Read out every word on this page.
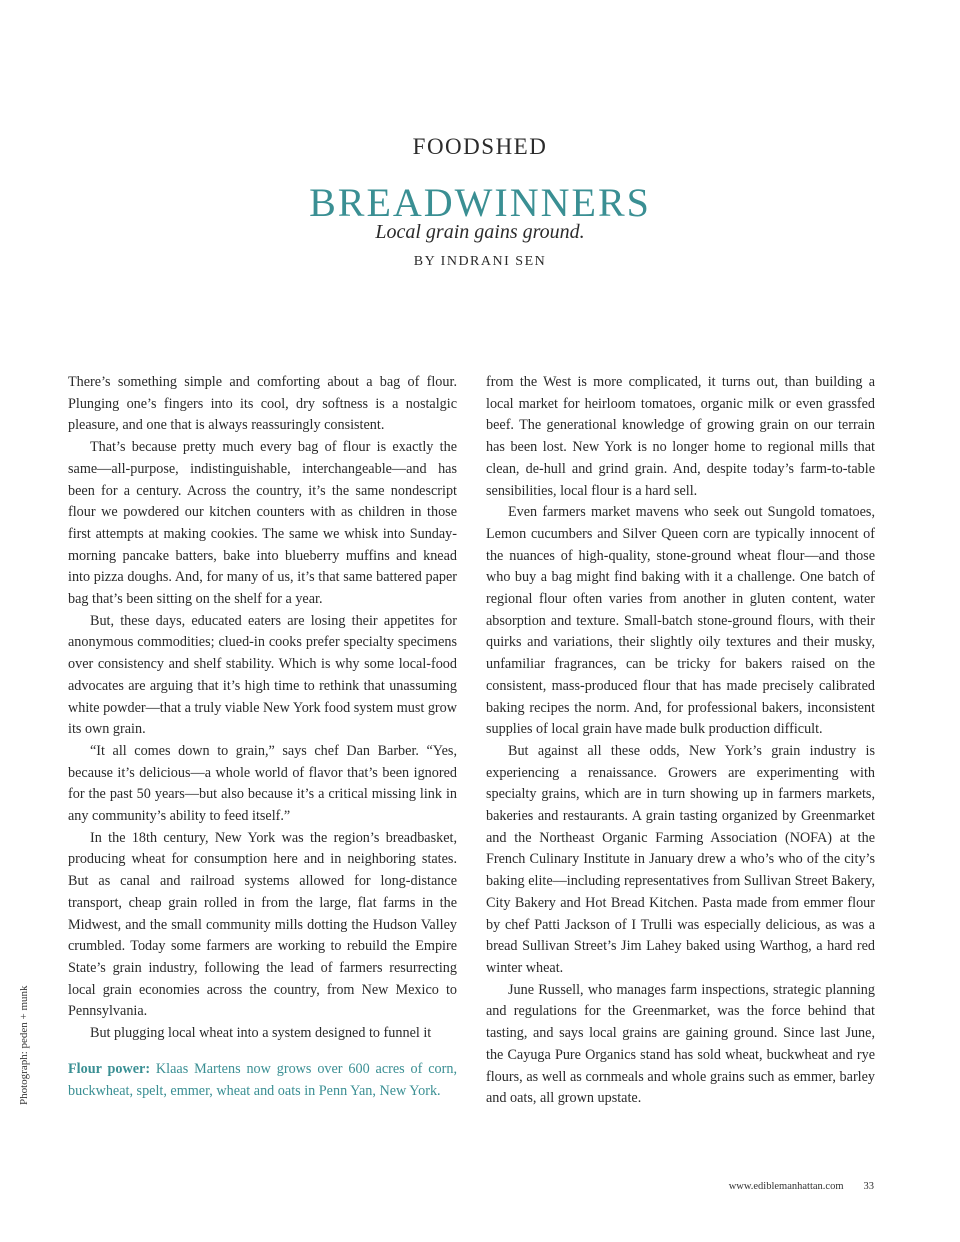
FOODSHED
BREADWINNERS
Local grain gains ground.
BY INDRANI SEN

There’s something simple and comforting about a bag of flour. Plunging one’s fingers into its cool, dry softness is a nostalgic pleasure, and one that is always reassuringly consistent.

That’s because pretty much every bag of flour is exactly the same—all-purpose, indistinguishable, interchangeable—and has been for a century. Across the country, it’s the same nondescript flour we powdered our kitchen counters with as children in those first attempts at making cookies. The same we whisk into Sunday-morning pancake batters, bake into blueberry muffins and knead into pizza doughs. And, for many of us, it’s that same battered paper bag that’s been sitting on the shelf for a year.

But, these days, educated eaters are losing their appetites for anonymous commodities; clued-in cooks prefer specialty specimens over consistency and shelf stability. Which is why some local-food advocates are arguing that it’s high time to rethink that unassuming white powder—that a truly viable New York food system must grow its own grain.

“It all comes down to grain,” says chef Dan Barber. “Yes, because it’s delicious—a whole world of flavor that’s been ignored for the past 50 years—but also because it’s a critical missing link in any community’s ability to feed itself.”

In the 18th century, New York was the region’s breadbasket, producing wheat for consumption here and in neighboring states. But as canal and railroad systems allowed for long-distance transport, cheap grain rolled in from the large, flat farms in the Midwest, and the small community mills dotting the Hudson Valley crumbled. Today some farmers are working to rebuild the Empire State’s grain industry, following the lead of farmers resurrecting local grain economies across the country, from New Mexico to Pennsylvania.

But plugging local wheat into a system designed to funnel it

Flour power: Klaas Martens now grows over 600 acres of corn, buckwheat, spelt, emmer, wheat and oats in Penn Yan, New York.

from the West is more complicated, it turns out, than building a local market for heirloom tomatoes, organic milk or even grassfed beef. The generational knowledge of growing grain on our terrain has been lost. New York is no longer home to regional mills that clean, de-hull and grind grain. And, despite today’s farm-to-table sensibilities, local flour is a hard sell.

Even farmers market mavens who seek out Sungold tomatoes, Lemon cucumbers and Silver Queen corn are typically innocent of the nuances of high-quality, stone-ground wheat flour—and those who buy a bag might find baking with it a challenge. One batch of regional flour often varies from another in gluten content, water absorption and texture. Small-batch stone-ground flours, with their quirks and variations, their slightly oily textures and their musky, unfamiliar fragrances, can be tricky for bakers raised on the consistent, mass-produced flour that has made precisely calibrated baking recipes the norm. And, for professional bakers, inconsistent supplies of local grain have made bulk production difficult.

But against all these odds, New York’s grain industry is experiencing a renaissance. Growers are experimenting with specialty grains, which are in turn showing up in farmers markets, bakeries and restaurants. A grain tasting organized by Greenmarket and the Northeast Organic Farming Association (NOFA) at the French Culinary Institute in January drew a who’s who of the city’s baking elite—including representatives from Sullivan Street Bakery, City Bakery and Hot Bread Kitchen. Pasta made from emmer flour by chef Patti Jackson of I Trulli was especially delicious, as was a bread Sullivan Street’s Jim Lahey baked using Warthog, a hard red winter wheat.

June Russell, who manages farm inspections, strategic planning and regulations for the Greenmarket, was the force behind that tasting, and says local grains are gaining ground. Since last June, the Cayuga Pure Organics stand has sold wheat, buckwheat and rye flours, as well as cornmeals and whole grains such as emmer, barley and oats, all grown upstate.

Photograph: peden + munk
www.ediblemanhattan.com 33
